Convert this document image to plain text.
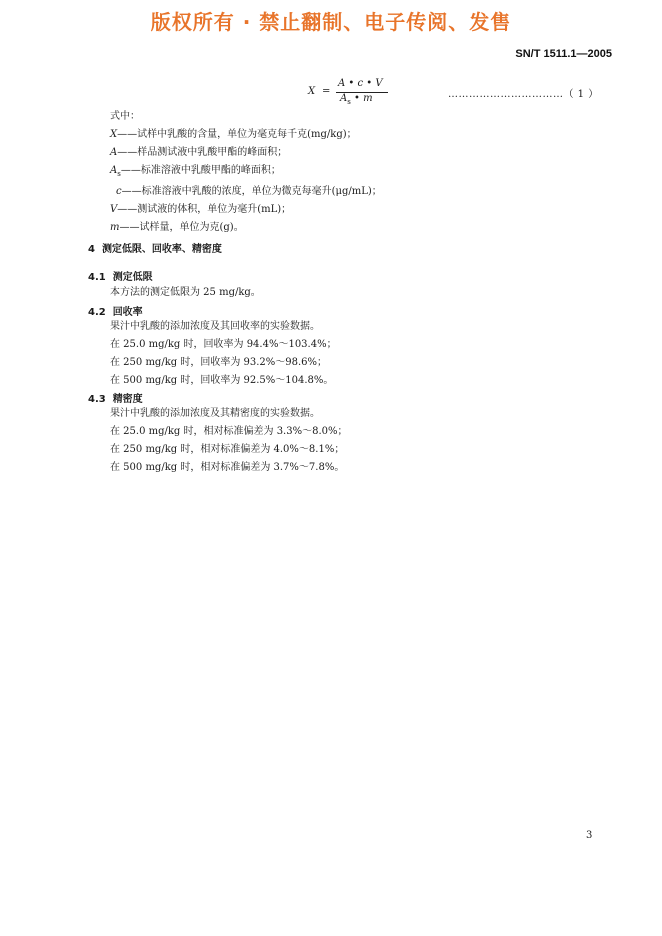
版权所有 · 禁止翻制、电子传阅、发售
SN/T 1511.1—2005
X =
A • c • V
$A_s$ • m	……………………………（ 1 ）
式中：
X——试样中乳酸的含量，单位为毫克每千克(mg/kg)；
A——样品测试液中乳酸甲酯的峰面积；
$A_s——$标准溶液中乳酸甲酯的峰面积；
c——标准溶液中乳酸的浓度，单位为微克每毫升(μg/mL)；
V——测试液的体积，单位为毫升(mL)；
m——试样量，单位为克(g)。
4 测定低限、回收率、精密度
4.1 测定低限
本方法的测定低限为 25 mg/kg。
4.2 回收率
果汁中乳酸的添加浓度及其回收率的实验数据。
在 25.0 mg/kg 时，回收率为 94.4%～103.4%；
在 250 mg/kg 时，回收率为 93.2%～98.6%；
在 500 mg/kg 时，回收率为 92.5%～104.8%。
4.3 精密度
果汁中乳酸的添加浓度及其精密度的实验数据。
在 25.0 mg/kg 时，相对标准偏差为 3.3%～8.0%；
在 250 mg/kg 时，相对标准偏差为 4.0%～8.1%；
在 500 mg/kg 时，相对标准偏差为 3.7%～7.8%。
3
